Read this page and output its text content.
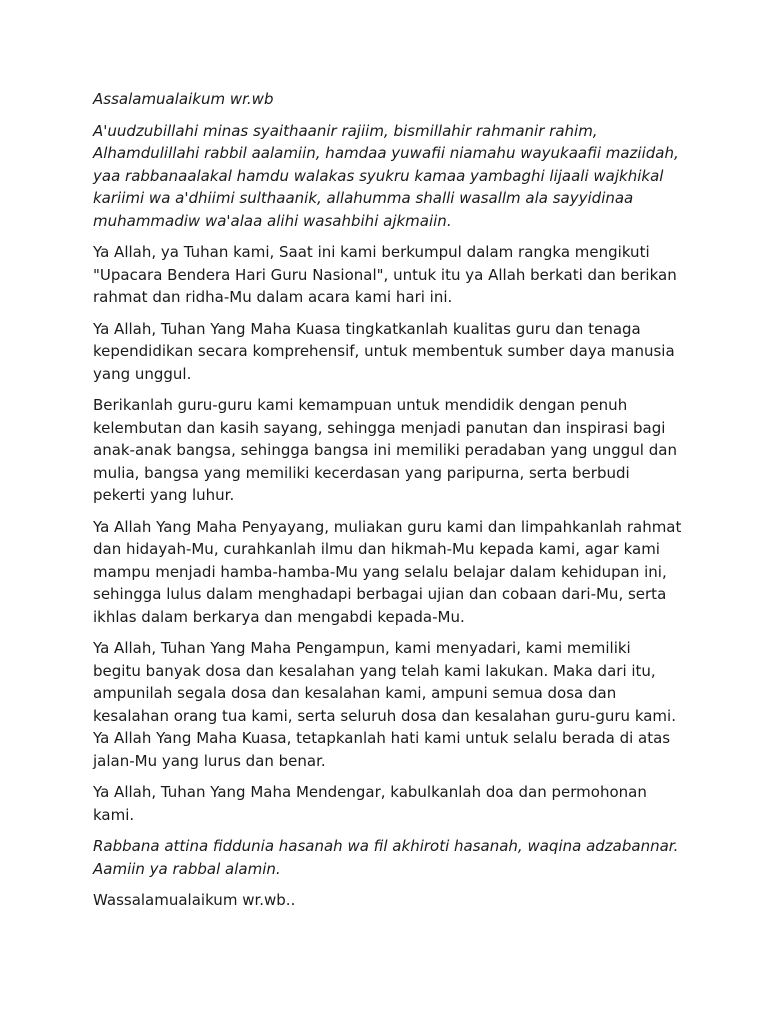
Assalamualaikum wr.wb

A'uudzubillahi minas syaithaanir rajiim, bismillahir rahmanir rahim, Alhamdulillahi rabbil aalamiin, hamdaa yuwafii niamahu wayukaafii maziidah, yaa rabbanaalakal hamdu walakas syukru kamaa yambaghi lijaali wajkhikal kariimi wa a'dhiimi sulthaanik, allahumma shalli wasallm ala sayyidinaa muhammadiw wa'alaa alihi wasahbihi ajkmaiin.

Ya Allah, ya Tuhan kami, Saat ini kami berkumpul dalam rangka mengikuti "Upacara Bendera Hari Guru Nasional", untuk itu ya Allah berkati dan berikan rahmat dan ridha-Mu dalam acara kami hari ini.

Ya Allah, Tuhan Yang Maha Kuasa tingkatkanlah kualitas guru dan tenaga kependidikan secara komprehensif, untuk membentuk sumber daya manusia yang unggul.

Berikanlah guru-guru kami kemampuan untuk mendidik dengan penuh kelembutan dan kasih sayang, sehingga menjadi panutan dan inspirasi bagi anak-anak bangsa, sehingga bangsa ini memiliki peradaban yang unggul dan mulia, bangsa yang memiliki kecerdasan yang paripurna, serta berbudi pekerti yang luhur.

Ya Allah Yang Maha Penyayang, muliakan guru kami dan limpahkanlah rahmat dan hidayah-Mu, curahkanlah ilmu dan hikmah-Mu kepada kami, agar kami mampu menjadi hamba-hamba-Mu yang selalu belajar dalam kehidupan ini, sehingga lulus dalam menghadapi berbagai ujian dan cobaan dari-Mu, serta ikhlas dalam berkarya dan mengabdi kepada-Mu.

Ya Allah, Tuhan Yang Maha Pengampun, kami menyadari, kami memiliki begitu banyak dosa dan kesalahan yang telah kami lakukan. Maka dari itu, ampunilah segala dosa dan kesalahan kami, ampuni semua dosa dan kesalahan orang tua kami, serta seluruh dosa dan kesalahan guru-guru kami. Ya Allah Yang Maha Kuasa, tetapkanlah hati kami untuk selalu berada di atas jalan-Mu yang lurus dan benar.

Ya Allah, Tuhan Yang Maha Mendengar, kabulkanlah doa dan permohonan kami.

Rabbana attina fiddunia hasanah wa fil akhiroti hasanah, waqina adzabannar. Aamiin ya rabbal alamin.

Wassalamualaikum wr.wb..
